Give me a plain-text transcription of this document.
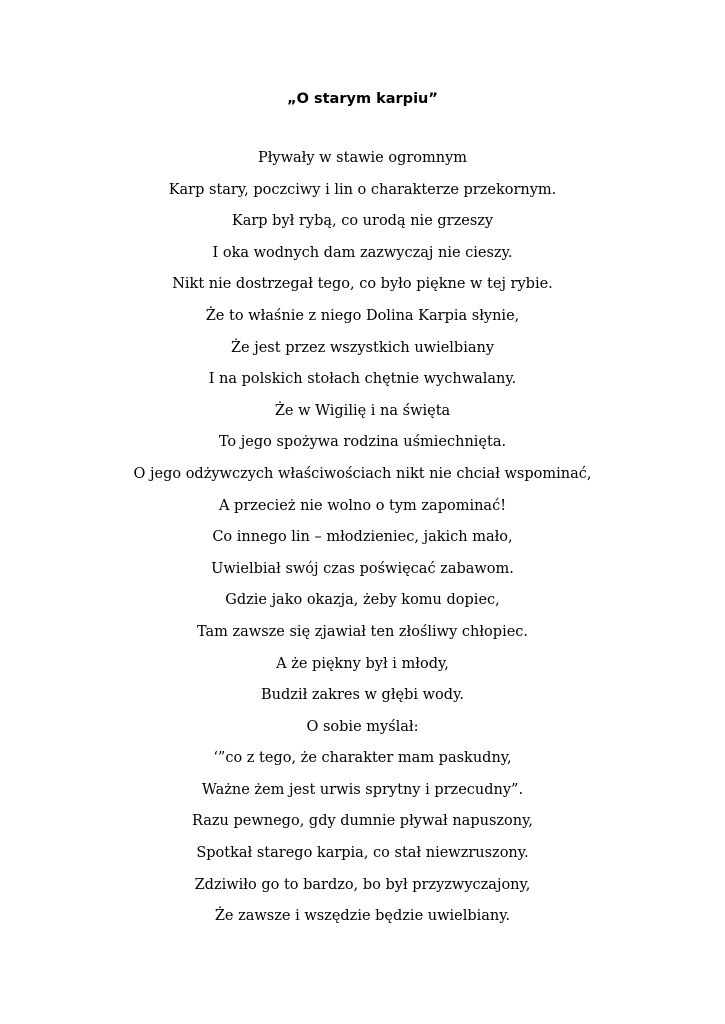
„O starym karpiu”
Pływały w stawie ogromnym
Karp stary, poczciwy i lin o charakterze przekornym.
Karp był rybą, co urodą nie grzeszy
I oka wodnych dam zazwyczaj nie cieszy.
Nikt nie dostrzegał tego, co było piękne w tej rybie.
Że to właśnie z niego Dolina Karpia słynie,
Że jest przez wszystkich uwielbiany
I na polskich stołach chętnie wychwalany.
Że w Wigilię i na święta
To jego spożywa rodzina uśmiechnięta.
O jego odżywczych właściwościach nikt nie chciał wspominać,
A przecież nie wolno o tym zapominać!
Co innego lin – młodzieniec, jakich mało,
Uwielbiał swój czas poświęcać zabawom.
Gdzie jako okazja, żeby komu dopiec,
Tam zawsze się zjawiał ten złośliwy chłopiec.
A że piękny był i młody,
Budził zakres w głębi wody.
O sobie myślał:
‘”co z tego, że charakter mam paskudny,
Ważne żem jest urwis sprytny i przecudny”.
Razu pewnego, gdy dumnie pływał napuszony,
Spotkał starego karpia, co stał niewzruszony.
Zdziwiło go to bardzo, bo był przyzwyczajony,
Że zawsze i wszędzie będzie uwielbiany.
